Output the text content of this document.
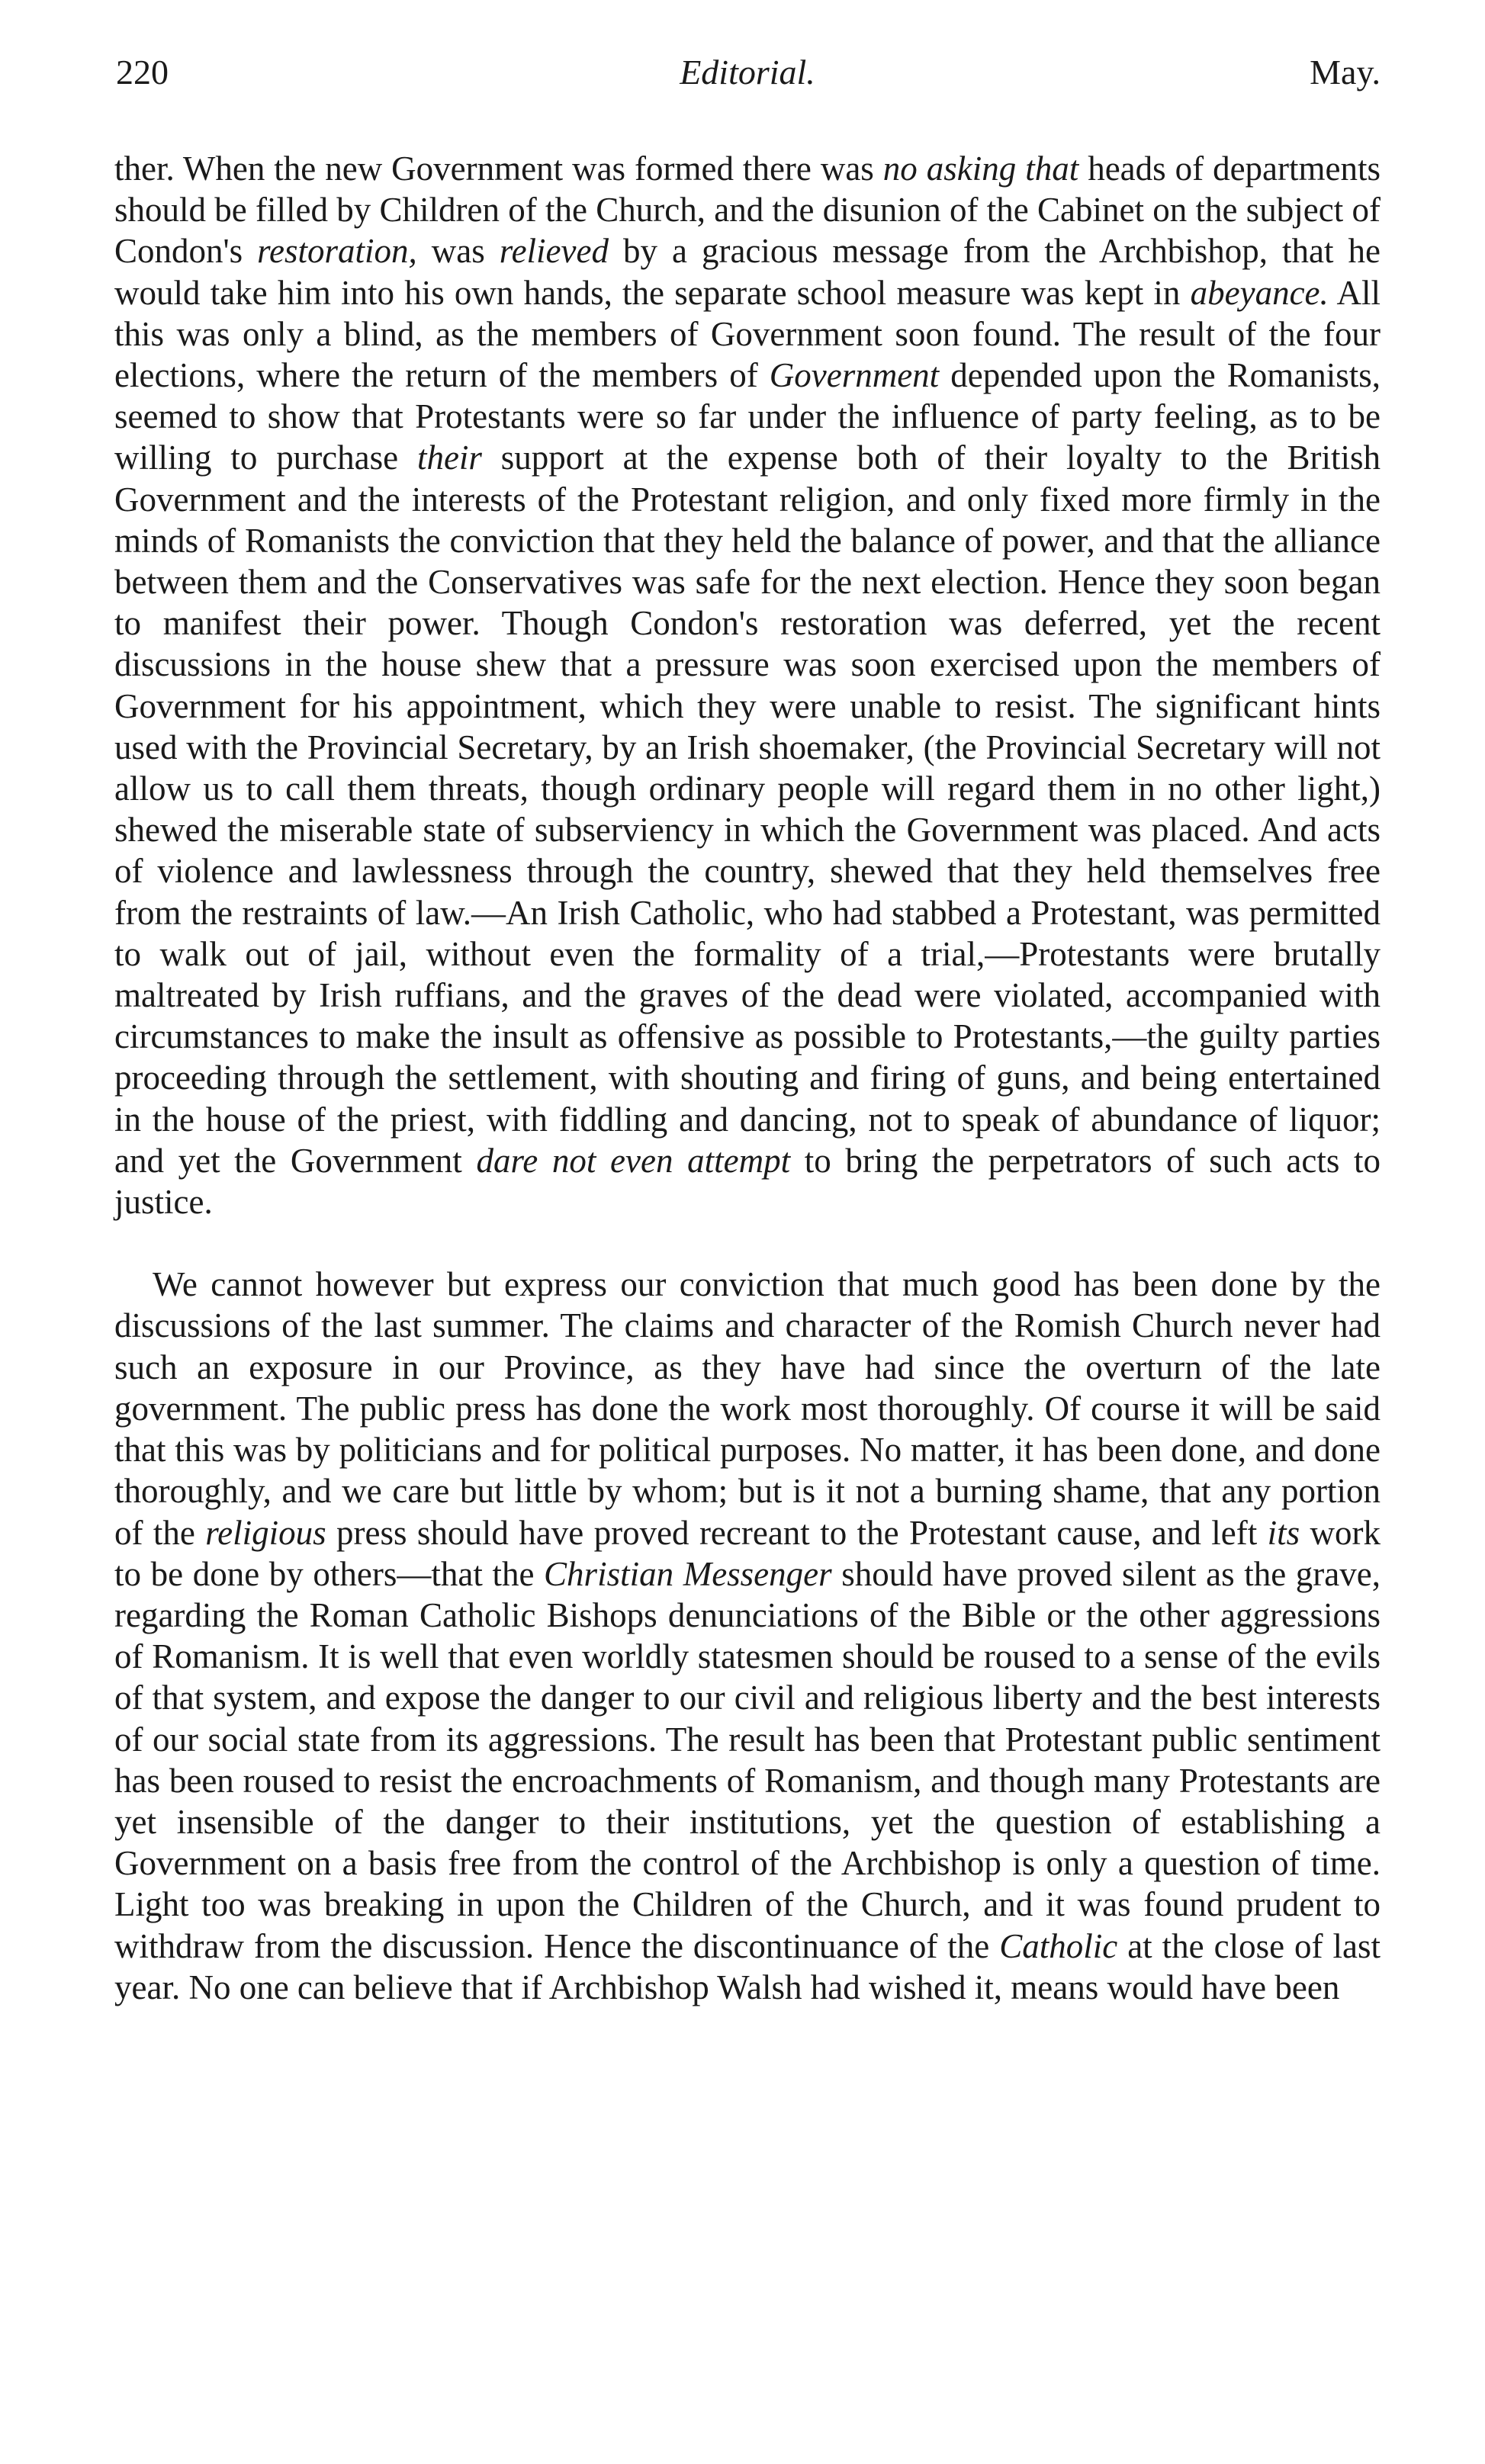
220	Editorial.	May.

ther. When the new Government was formed there was no asking that heads of departments should be filled by Children of the Church, and the disunion of the Cabinet on the subject of Condon's restoration, was relieved by a gracious message from the Archbishop, that he would take him into his own hands, the separate school measure was kept in abeyance. All this was only a blind, as the members of Government soon found. The result of the four elections, where the return of the members of Government depended upon the Romanists, seemed to show that Protestants were so far under the influence of party feeling, as to be willing to purchase their support at the expense both of their loyalty to the British Government and the interests of the Protestant religion, and only fixed more firmly in the minds of Romanists the conviction that they held the balance of power, and that the alliance between them and the Conservatives was safe for the next election. Hence they soon began to manifest their power. Though Condon's restoration was deferred, yet the recent discussions in the house shew that a pressure was soon exercised upon the members of Government for his appointment, which they were unable to resist. The significant hints used with the Provincial Secretary, by an Irish shoemaker, (the Provincial Secretary will not allow us to call them threats, though ordinary people will regard them in no other light,) shewed the miserable state of subserviency in which the Government was placed. And acts of violence and lawlessness through the country, shewed that they held themselves free from the restraints of law.—An Irish Catholic, who had stabbed a Protestant, was permitted to walk out of jail, without even the formality of a trial,—Protestants were brutally maltreated by Irish ruffians, and the graves of the dead were violated, accompanied with circumstances to make the insult as offensive as possible to Protestants,—the guilty parties proceeding through the settlement, with shouting and firing of guns, and being entertained in the house of the priest, with fiddling and dancing, not to speak of abundance of liquor; and yet the Government dare not even attempt to bring the perpetrators of such acts to justice.

We cannot however but express our conviction that much good has been done by the discussions of the last summer. The claims and character of the Romish Church never had such an exposure in our Province, as they have had since the overturn of the late government. The public press has done the work most thoroughly. Of course it will be said that this was by politicians and for political purposes. No matter, it has been done, and done thoroughly, and we care but little by whom; but is it not a burning shame, that any portion of the religious press should have proved recreant to the Protestant cause, and left its work to be done by others—that the Christian Messenger should have proved silent as the grave, regarding the Roman Catholic Bishops denunciations of the Bible or the other aggressions of Romanism. It is well that even worldly statesmen should be roused to a sense of the evils of that system, and expose the danger to our civil and religious liberty and the best interests of our social state from its aggressions. The result has been that Protestant public sentiment has been roused to resist the encroachments of Romanism, and though many Protestants are yet insensible of the danger to their institutions, yet the question of establishing a Government on a basis free from the control of the Archbishop is only a question of time. Light too was breaking in upon the Children of the Church, and it was found prudent to withdraw from the discussion. Hence the discontinuance of the Catholic at the close of last year. No one can believe that if Archbishop Walsh had wished it, means would have been
